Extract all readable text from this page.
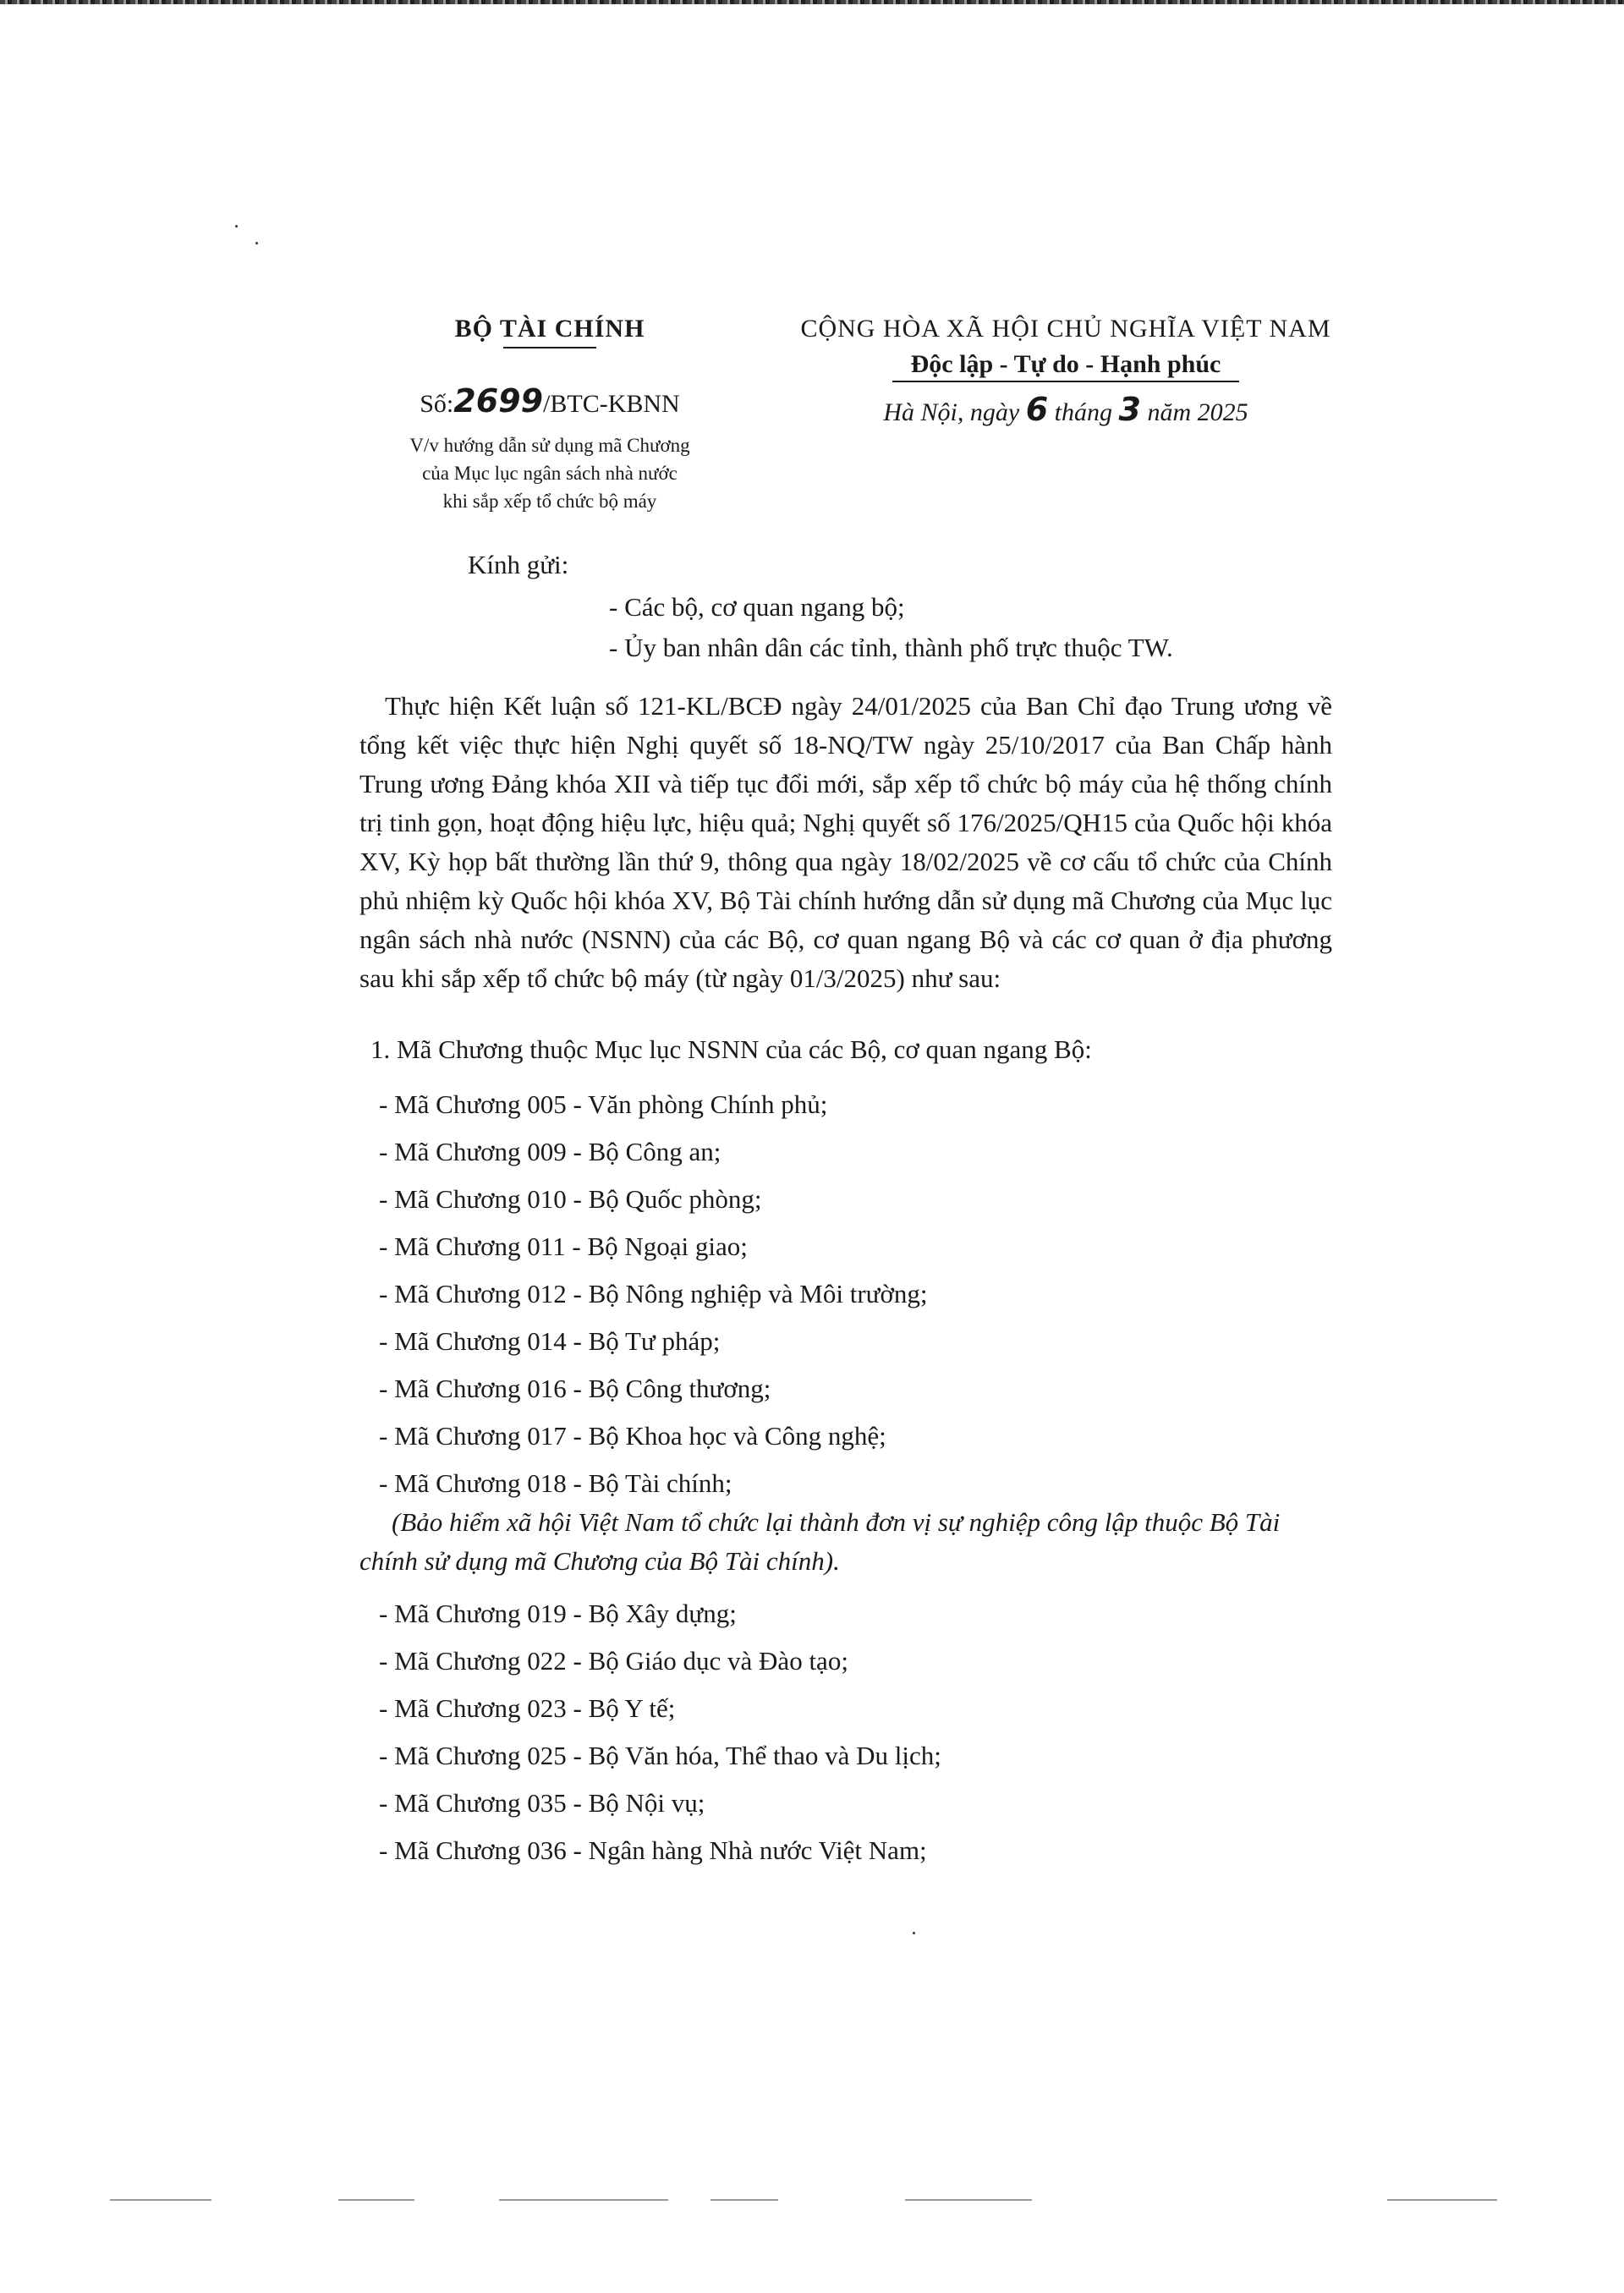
BỘ TÀI CHÍNH
Số:2699/BTC-KBNN
V/v hướng dẫn sử dụng mã Chương
của Mục lục ngân sách nhà nước
khi sắp xếp tổ chức bộ máy
CỘNG HÒA XÃ HỘI CHỦ NGHĨA VIỆT NAM
Độc lập - Tự do - Hạnh phúc
Hà Nội, ngày 6 tháng 3 năm 2025
Kính gửi:
- Các bộ, cơ quan ngang bộ;
- Ủy ban nhân dân các tỉnh, thành phố trực thuộc TW.
Thực hiện Kết luận số 121-KL/BCĐ ngày 24/01/2025 của Ban Chỉ đạo Trung ương về tổng kết việc thực hiện Nghị quyết số 18-NQ/TW ngày 25/10/2017 của Ban Chấp hành Trung ương Đảng khóa XII và tiếp tục đổi mới, sắp xếp tổ chức bộ máy của hệ thống chính trị tinh gọn, hoạt động hiệu lực, hiệu quả; Nghị quyết số 176/2025/QH15 của Quốc hội khóa XV, Kỳ họp bất thường lần thứ 9, thông qua ngày 18/02/2025 về cơ cấu tổ chức của Chính phủ nhiệm kỳ Quốc hội khóa XV, Bộ Tài chính hướng dẫn sử dụng mã Chương của Mục lục ngân sách nhà nước (NSNN) của các Bộ, cơ quan ngang Bộ và các cơ quan ở địa phương sau khi sắp xếp tổ chức bộ máy (từ ngày 01/3/2025) như sau:
1. Mã Chương thuộc Mục lục NSNN của các Bộ, cơ quan ngang Bộ:
- Mã Chương 005 - Văn phòng Chính phủ;
- Mã Chương 009 - Bộ Công an;
- Mã Chương 010 - Bộ Quốc phòng;
- Mã Chương 011 - Bộ Ngoại giao;
- Mã Chương 012 - Bộ Nông nghiệp và Môi trường;
- Mã Chương 014 - Bộ Tư pháp;
- Mã Chương 016 - Bộ Công thương;
- Mã Chương 017 - Bộ Khoa học và Công nghệ;
- Mã Chương 018 - Bộ Tài chính;
(Bảo hiểm xã hội Việt Nam tổ chức lại thành đơn vị sự nghiệp công lập thuộc Bộ Tài chính sử dụng mã Chương của Bộ Tài chính).
- Mã Chương 019 - Bộ Xây dựng;
- Mã Chương 022 - Bộ Giáo dục và Đào tạo;
- Mã Chương 023 - Bộ Y tế;
- Mã Chương 025 - Bộ Văn hóa, Thể thao và Du lịch;
- Mã Chương 035 - Bộ Nội vụ;
- Mã Chương 036 - Ngân hàng Nhà nước Việt Nam;
